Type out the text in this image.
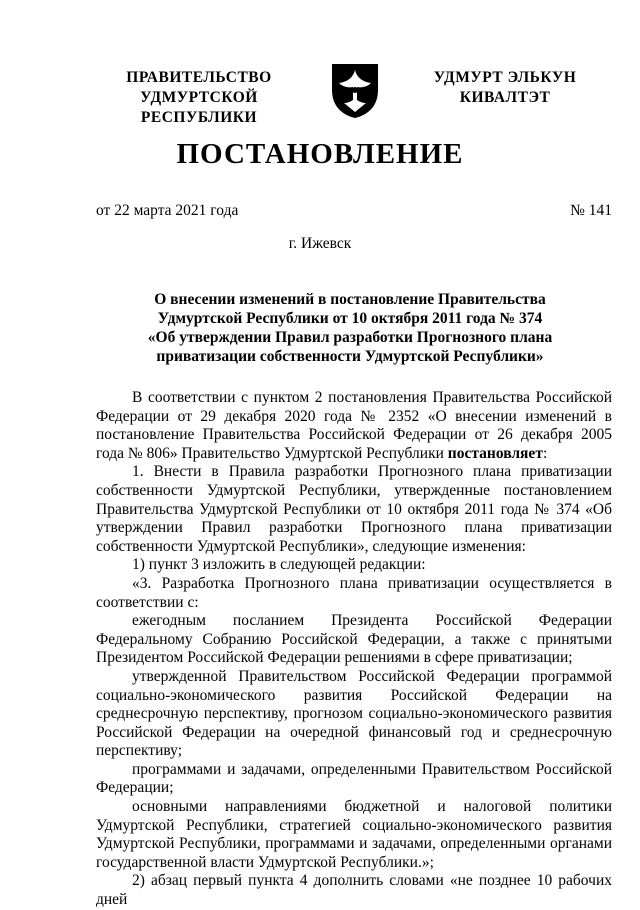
ПРАВИТЕЛЬСТВО
УДМУРТСКОЙ РЕСПУБЛИКИ
УДМУРТ ЭЛЬКУН
КИВАЛТЭТ
ПОСТАНОВЛЕНИЕ
от 22 марта 2021 года	№ 141
г. Ижевск
О внесении изменений в постановление Правительства
Удмуртской Республики от 10 октября 2011 года № 374
«Об утверждении Правил разработки Прогнозного плана
приватизации собственности Удмуртской Республики»

В соответствии с пунктом 2 постановления Правительства Российской Федерации от 29 декабря 2020 года № 2352 «О внесении изменений в постановление Правительства Российской Федерации от 26 декабря 2005 года № 806» Правительство Удмуртской Республики постановляет:

1. Внести в Правила разработки Прогнозного плана приватизации собственности Удмуртской Республики, утвержденные постановлением Правительства Удмуртской Республики от 10 октября 2011 года № 374 «Об утверждении Правил разработки Прогнозного плана приватизации собственности Удмуртской Республики», следующие изменения:

1) пункт 3 изложить в следующей редакции:

«3. Разработка Прогнозного плана приватизации осуществляется в соответствии с:

ежегодным посланием Президента Российской Федерации Федеральному Собранию Российской Федерации, а также с принятыми Президентом Российской Федерации решениями в сфере приватизации;

утвержденной Правительством Российской Федерации программой социально-экономического развития Российской Федерации на среднесрочную перспективу, прогнозом социально-экономического развития Российской Федерации на очередной финансовый год и среднесрочную перспективу;

программами и задачами, определенными Правительством Российской Федерации;

основными направлениями бюджетной и налоговой политики Удмуртской Республики, стратегией социально-экономического развития Удмуртской Республики, программами и задачами, определенными органами государственной власти Удмуртской Республики.»;

2) абзац первый пункта 4 дополнить словами «не позднее 10 рабочих дней
